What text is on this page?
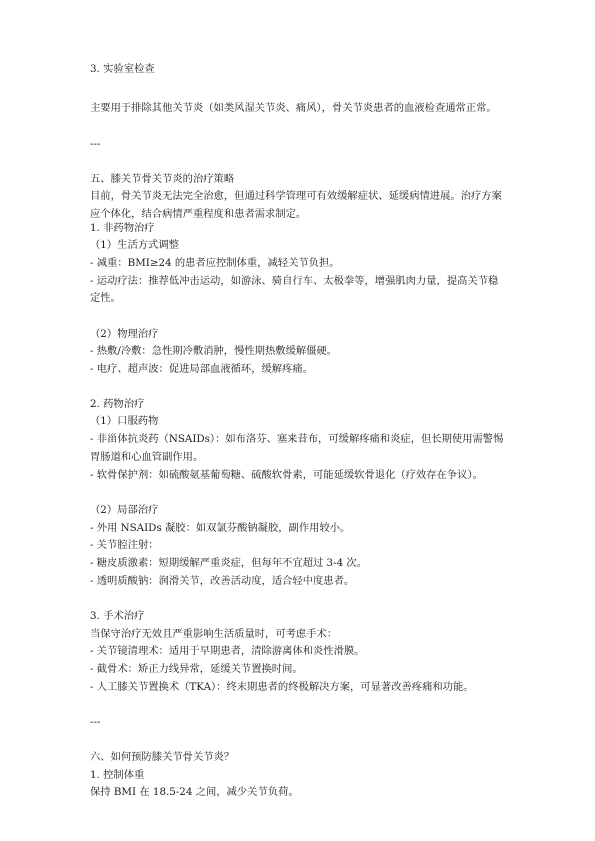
3. 实验室检查
主要用于排除其他关节炎（如类风湿关节炎、痛风），骨关节炎患者的血液检查通常正常。
---
五、膝关节骨关节炎的治疗策略
目前，骨关节炎无法完全治愈，但通过科学管理可有效缓解症状、延缓病情进展。治疗方案
应个体化，结合病情严重程度和患者需求制定。
1. 非药物治疗
（1）生活方式调整
- 减重：BMI≥24 的患者应控制体重，减轻关节负担。
- 运动疗法：推荐低冲击运动，如游泳、骑自行车、太极拳等，增强肌肉力量，提高关节稳
定性。
（2）物理治疗
- 热敷/冷敷：急性期冷敷消肿，慢性期热敷缓解僵硬。
- 电疗、超声波：促进局部血液循环，缓解疼痛。
2. 药物治疗
（1）口服药物
- 非甾体抗炎药（NSAIDs）：如布洛芬、塞来昔布，可缓解疼痛和炎症，但长期使用需警惕
胃肠道和心血管副作用。
- 软骨保护剂：如硫酸氨基葡萄糖、硫酸软骨素，可能延缓软骨退化（疗效存在争议）。
（2）局部治疗
- 外用 NSAIDs 凝胶：如双氯芬酸钠凝胶，副作用较小。
- 关节腔注射：
- 糖皮质激素：短期缓解严重炎症，但每年不宜超过 3-4 次。
- 透明质酸钠：润滑关节，改善活动度，适合轻中度患者。
3. 手术治疗
当保守治疗无效且严重影响生活质量时，可考虑手术：
- 关节镜清理术：适用于早期患者，清除游离体和炎性滑膜。
- 截骨术：矫正力线异常，延缓关节置换时间。
- 人工膝关节置换术（TKA）：终末期患者的终极解决方案，可显著改善疼痛和功能。
---
六、如何预防膝关节骨关节炎？
1. 控制体重
保持 BMI 在 18.5-24 之间，减少关节负荷。
